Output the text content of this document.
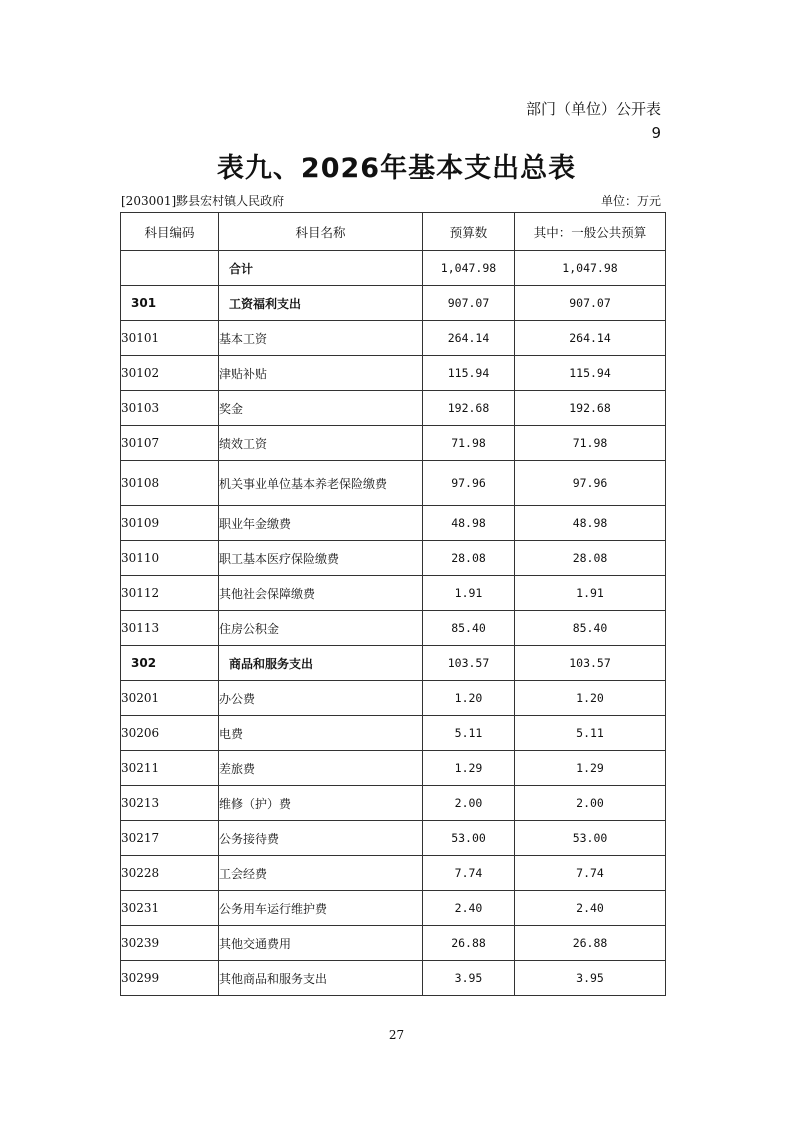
部门（单位）公开表
9
表九、2026年基本支出总表
[203001]黟县宏村镇人民政府	单位：万元
科目编码	科目名称	预算数	其中：一般公共预算
	合计	1,047.98	1,047.98
301	工资福利支出	907.07	907.07
30101	基本工资	264.14	264.14
30102	津贴补贴	115.94	115.94
30103	奖金	192.68	192.68
30107	绩效工资	71.98	71.98
30108	机关事业单位基本养老保险缴费	97.96	97.96
30109	职业年金缴费	48.98	48.98
30110	职工基本医疗保险缴费	28.08	28.08
30112	其他社会保障缴费	1.91	1.91
30113	住房公积金	85.40	85.40
302	商品和服务支出	103.57	103.57
30201	办公费	1.20	1.20
30206	电费	5.11	5.11
30211	差旅费	1.29	1.29
30213	维修（护）费	2.00	2.00
30217	公务接待费	53.00	53.00
30228	工会经费	7.74	7.74
30231	公务用车运行维护费	2.40	2.40
30239	其他交通费用	26.88	26.88
30299	其他商品和服务支出	3.95	3.95
27
